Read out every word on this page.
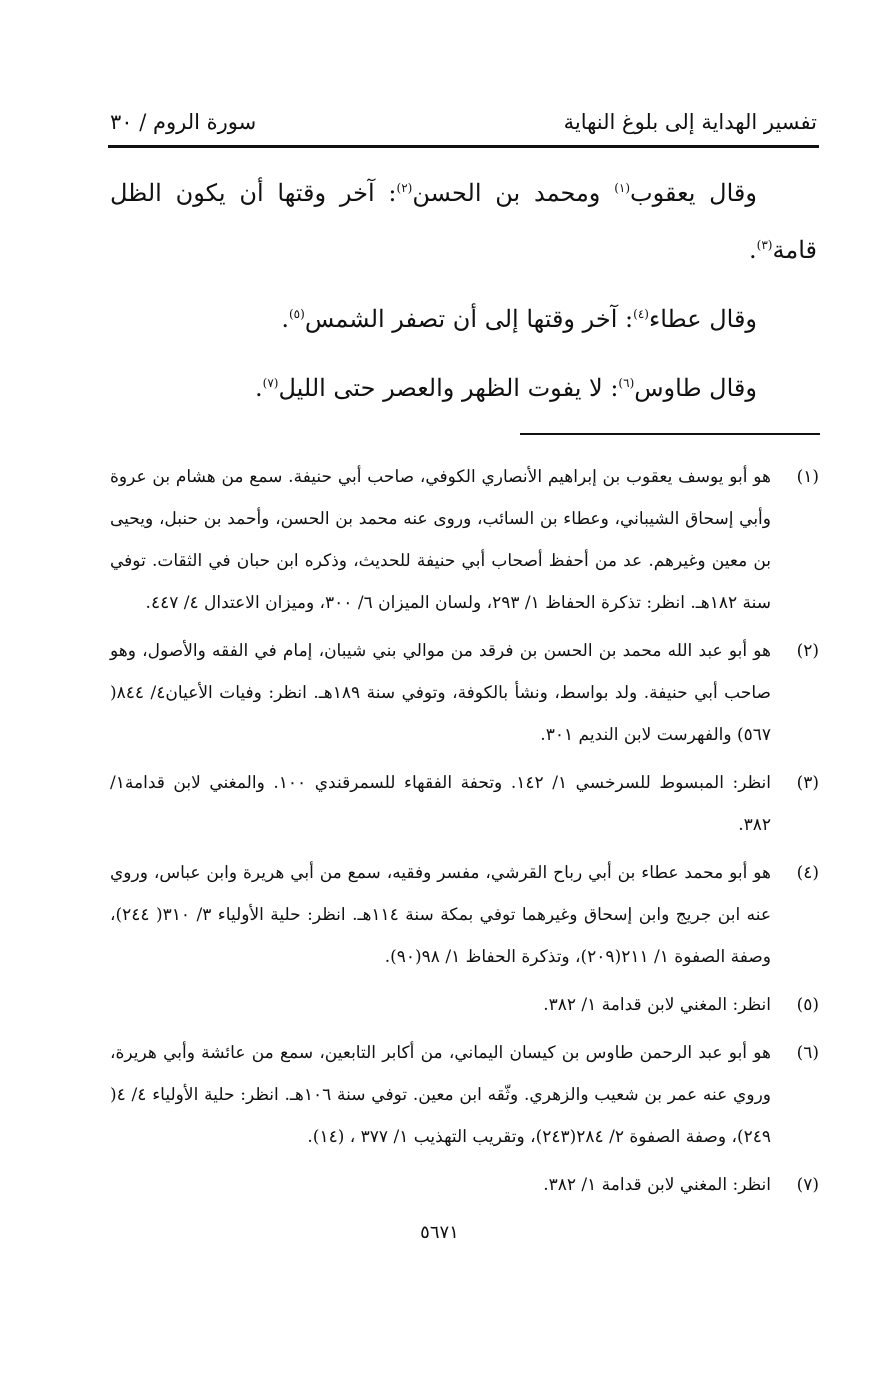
تفسير الهداية إلى بلوغ النهاية
سورة الروم / ٣٠

وقال يعقوب$^{(١)}$ ومحمد بن الحسن$^{(٢)}$: آخر وقتها أن يكون الظل قامة$^{(٣)}$.

وقال عطاء$^{(٤)}$: آخر وقتها إلى أن تصفر الشمس$^{(٥)}$.

وقال طاوس$^{(٦)}$: لا يفوت الظهر والعصر حتى الليل$^{(٧)}$.

(١)
هو أبو يوسف يعقوب بن إبراهيم الأنصاري الكوفي، صاحب أبي حنيفة. سمع من هشام بن عروة وأبي إسحاق الشيباني، وعطاء بن السائب، وروى عنه محمد بن الحسن، وأحمد بن حنبل، ويحيى بن معين وغيرهم. عد من أحفظ أصحاب أبي حنيفة للحديث، وذكره ابن حبان في الثقات. توفي سنة ١٨٢هـ. انظر: تذكرة الحفاظ ١/ ٢٩٣، ولسان الميزان ٦/ ٣٠٠، وميزان الاعتدال ٤/ ٤٤٧.
(٢)
هو أبو عبد الله محمد بن الحسن بن فرقد من موالي بني شيبان، إمام في الفقه والأصول، وهو صاحب أبي حنيفة. ولد بواسط، ونشأ بالكوفة، وتوفي سنة ١٨٩هـ. انظر: وفيات الأعيان٤/ ٨٤٤( ٥٦٧) والفهرست لابن النديم ٣٠١.
(٣)
انظر: المبسوط للسرخسي ١/ ١٤٢. وتحفة الفقهاء للسمرقندي ١٠٠. والمغني لابن قدامة١/ ٣٨٢.
(٤)
هو أبو محمد عطاء بن أبي رباح القرشي، مفسر وفقيه، سمع من أبي هريرة وابن عباس، وروي عنه ابن جريج وابن إسحاق وغيرهما توفي بمكة سنة ١١٤هـ. انظر: حلية الأولياء ٣/ ٣١٠( ٢٤٤)، وصفة الصفوة ١/ ٢١١(٢٠٩)، وتذكرة الحفاظ ١/ ٩٨(٩٠).
(٥)
انظر: المغني لابن قدامة ١/ ٣٨٢.
(٦)
هو أبو عبد الرحمن طاوس بن كيسان اليماني، من أكابر التابعين، سمع من عائشة وأبي هريرة، وروي عنه عمر بن شعيب والزهري. وثّقه ابن معين. توفي سنة ١٠٦هـ. انظر: حلية الأولياء ٤/ ٤( ٢٤٩)، وصفة الصفوة ٢/ ٢٨٤(٢٤٣)، وتقريب التهذيب ١/ ٣٧٧ ، (١٤).
(٧)
انظر: المغني لابن قدامة ١/ ٣٨٢.
٥٦٧١
